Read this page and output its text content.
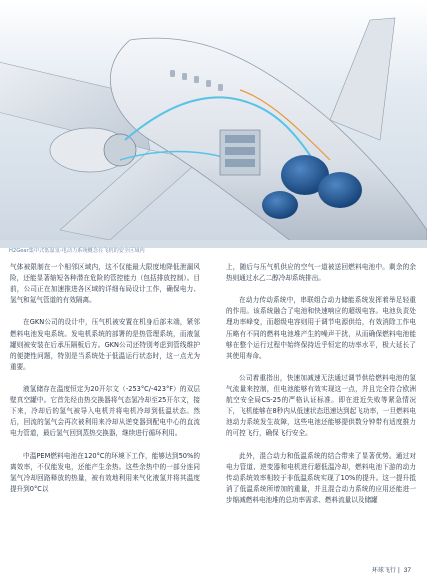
H2Gear集中式低温氢-电动力系统概念在飞机的安全区域内

气体被限制在一个相邻区域内，这不仅能最大限度地降低泄漏风险，还能显著缩短各种潜在危险的管控能力（包括排放控制）。目前，公司正在加速推进各区域的详细布局设计工作，确保电力、氢气和氦气管道的有效隔离。

在GKN公司的设计中，压气机被安置在机身后部末端，紧邻燃料电池发电系统。发电机系统的部署的是热管理系统，而液氢罐则被安装在后承压隔板后方。GKN公司还特别考虑到管线维护的便捷性问题，特别是当系统处于低温运行状态时，这一点尤为重要。

液氢储存在温度恒定为20开尔文（-253°C/-423°F）的双层壁真空罐中。它首先经由热交换器将气态氢冷却至25开尔文，接下来，冷却后的氢气被导入电机并将电机冷却到低温状态。然后，回流的氢气会再次被利用来冷却从逆变器到配电中心的直流电力管道，最后氢气回到蒸热交换器，继续进行循环利用。

中温PEM燃料电池在120°C的环境下工作，能够达到50%的离效率，不仅能发电，还能产生余热。这些余热中的一部分连同氢气冷却回路释放的热量，被有效地利用来气化液氢并将其温度提升到0°C以

上，随后与压气机供应的空气一道被送回燃料电池中。剩余的余热则通过水乙二醇冷却系统排出。

在动力传动系统中，串联组合动力储能系统发挥着举足轻重的作用。该系统融合了电池和快速响应的超级电容。电池负责处理功率峰变，而超级电容则用于调节电源供给，有效消除工作电压略有不同的燃料电池堆产生的噪声干扰，从而确保燃料电池能够在整个运行过程中始终保持近乎恒定的功率水平，极大延长了其使用寿命。

公司着重指出，快速加减速无法通过调节供给燃料电池的氢气流量来控制，但电池能够有效实现这一点，并且完全符合欧洲航空安全局CS-25的严格认证标准。即在进近失败等紧急情况下，飞机能够在8秒内从低速状态迅速达到起飞功率，一旦燃料电池动力系统发生故障，这些电池还能够提供数分钟带有适度推力的可控飞行，确保飞行安全。

此外，混合动力和低温系统的结合带来了显著优势。通过对电力管道、逆变器和电机进行超低温冷却，燃料电池下游的动力传动系统效率相较于非低温系统实现了10%的提升。这一提升抵消了低温系统所增加的重量，并且混合动力系统的应用还能进一步缩减燃料电池堆的总功率需求、燃料流量以及储罐

环球飞行 | 37
